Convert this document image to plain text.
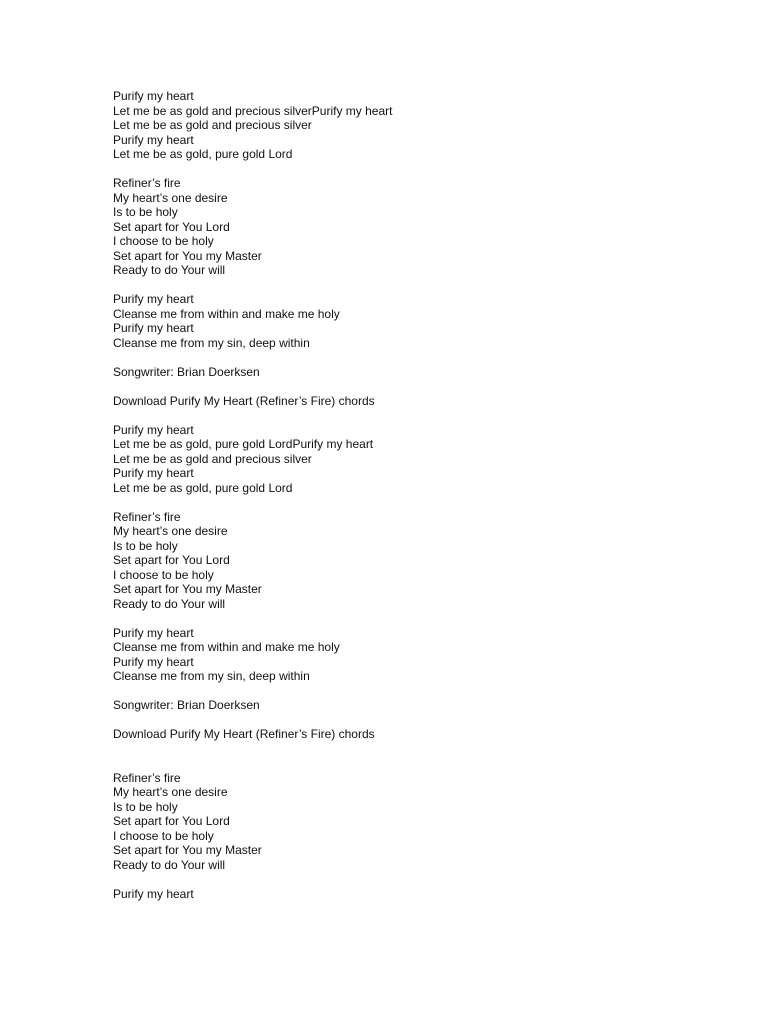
Purify my heart
Let me be as gold and precious silverPurify my heart
Let me be as gold and precious silver
Purify my heart
Let me be as gold, pure gold Lord
Refiner’s fire
My heart’s one desire
Is to be holy
Set apart for You Lord
I choose to be holy
Set apart for You my Master
Ready to do Your will
Purify my heart
Cleanse me from within and make me holy
Purify my heart
Cleanse me from my sin, deep within
Songwriter: Brian Doerksen
Download Purify My Heart (Refiner’s Fire) chords
Purify my heart
Let me be as gold, pure gold LordPurify my heart
Let me be as gold and precious silver
Purify my heart
Let me be as gold, pure gold Lord
Refiner’s fire
My heart’s one desire
Is to be holy
Set apart for You Lord
I choose to be holy
Set apart for You my Master
Ready to do Your will
Purify my heart
Cleanse me from within and make me holy
Purify my heart
Cleanse me from my sin, deep within
Songwriter: Brian Doerksen
Download Purify My Heart (Refiner’s Fire) chords
Refiner’s fire
My heart’s one desire
Is to be holy
Set apart for You Lord
I choose to be holy
Set apart for You my Master
Ready to do Your will
Purify my heart
